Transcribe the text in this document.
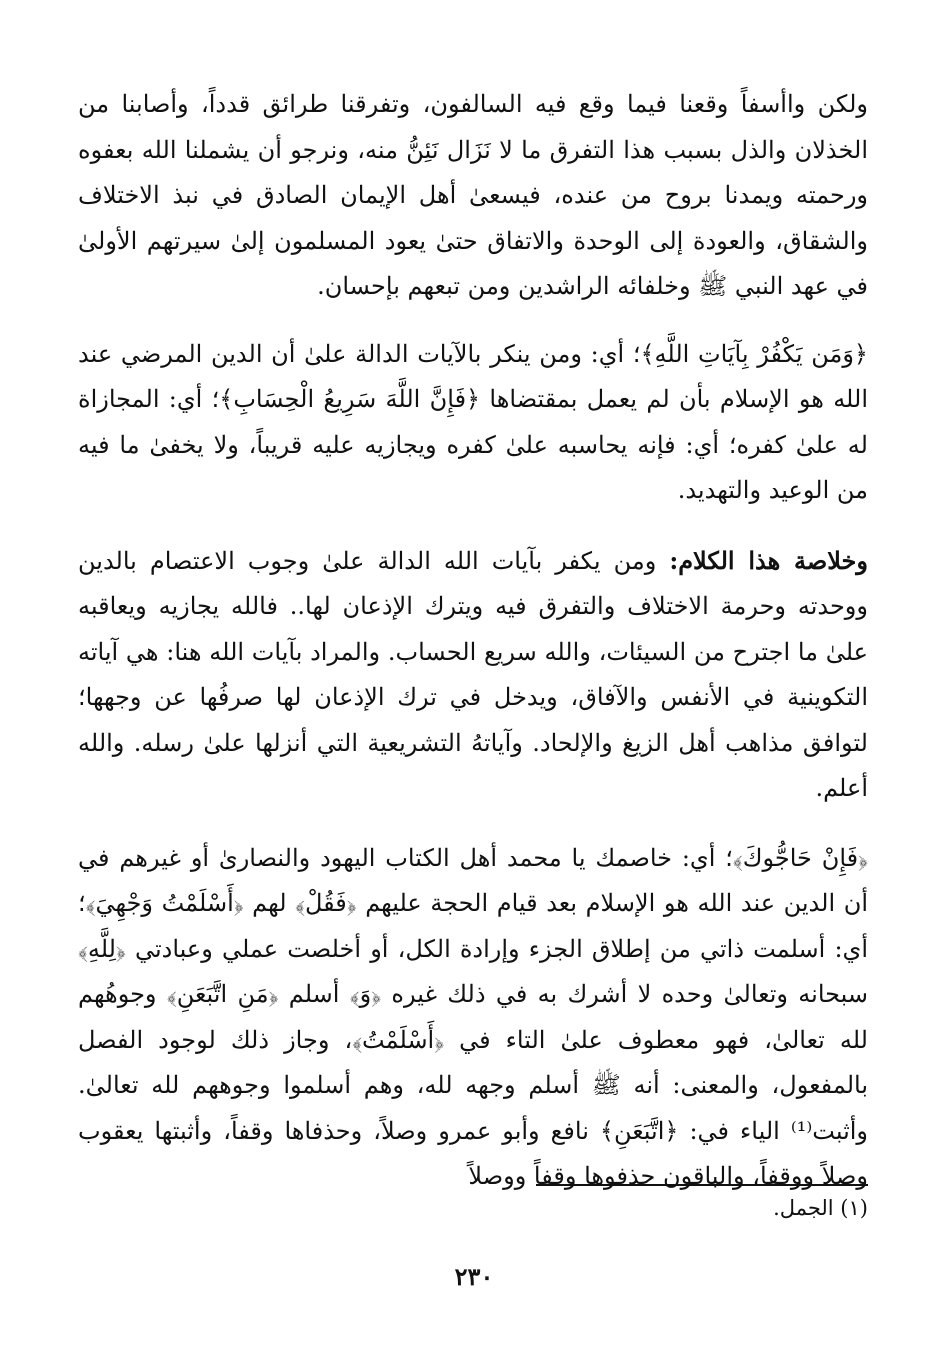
ولكن واأسفاً وقعنا فيما وقع فيه السالفون، وتفرقنا طرائق قدداً، وأصابنا من الخذلان والذل بسبب هذا التفرق ما لا نَزَال نَئِنُّ منه، ونرجو أن يشملنا الله بعفوه ورحمته ويمدنا بروح من عنده، فيسعىٰ أهل الإيمان الصادق في نبذ الاختلاف والشقاق، والعودة إلى الوحدة والاتفاق حتىٰ يعود المسلمون إلىٰ سيرتهم الأولىٰ في عهد النبي ﷺ وخلفائه الراشدين ومن تبعهم بإحسان.

﴿وَمَن يَكْفُرْ بِآيَاتِ اللَّهِ﴾؛ أي: ومن ينكر بالآيات الدالة علىٰ أن الدين المرضي عند الله هو الإسلام بأن لم يعمل بمقتضاها ﴿فَإِنَّ اللَّهَ سَرِيعُ الْحِسَابِ﴾؛ أي: المجازاة له علىٰ كفره؛ أي: فإنه يحاسبه علىٰ كفره ويجازيه عليه قريباً، ولا يخفىٰ ما فيه من الوعيد والتهديد.

وخلاصة هذا الكلام: ومن يكفر بآيات الله الدالة علىٰ وجوب الاعتصام بالدين ووحدته وحرمة الاختلاف والتفرق فيه ويترك الإذعان لها.. فالله يجازيه ويعاقبه علىٰ ما اجترح من السيئات، والله سريع الحساب. والمراد بآيات الله هنا: هي آياته التكوينية في الأنفس والآفاق، ويدخل في ترك الإذعان لها صرفُها عن وجهها؛ لتوافق مذاهب أهل الزيغ والإلحاد. وآياتهُ التشريعية التي أنزلها علىٰ رسله. والله أعلم.

﴿فَإِنْ حَاجُّوكَ﴾؛ أي: خاصمك يا محمد أهل الكتاب اليهود والنصارىٰ أو غيرهم في أن الدين عند الله هو الإسلام بعد قيام الحجة عليهم ﴿فَقُلْ﴾ لهم ﴿أَسْلَمْتُ وَجْهِيَ﴾؛ أي: أسلمت ذاتي من إطلاق الجزء وإرادة الكل، أو أخلصت عملي وعبادتي ﴿لِلَّهِ﴾ سبحانه وتعالىٰ وحده لا أشرك به في ذلك غيره ﴿وَ﴾ أسلم ﴿مَنِ اتَّبَعَنِ﴾ وجوهُهم لله تعالىٰ، فهو معطوف علىٰ التاء في ﴿أَسْلَمْتُ﴾، وجاز ذلك لوجود الفصل بالمفعول، والمعنى: أنه ﷺ أسلم وجهه لله، وهم أسلموا وجوههم لله تعالىٰ. وأثبت⁽¹⁾ الياء في: ﴿اتَّبَعَنِ﴾ نافع وأبو عمرو وصلاً، وحذفاها وقفاً، وأثبتها يعقوب وصلاً ووقفاً، والباقون حذفوها وقفاً ووصلاً

(١) الجمل.
٢٣٠
